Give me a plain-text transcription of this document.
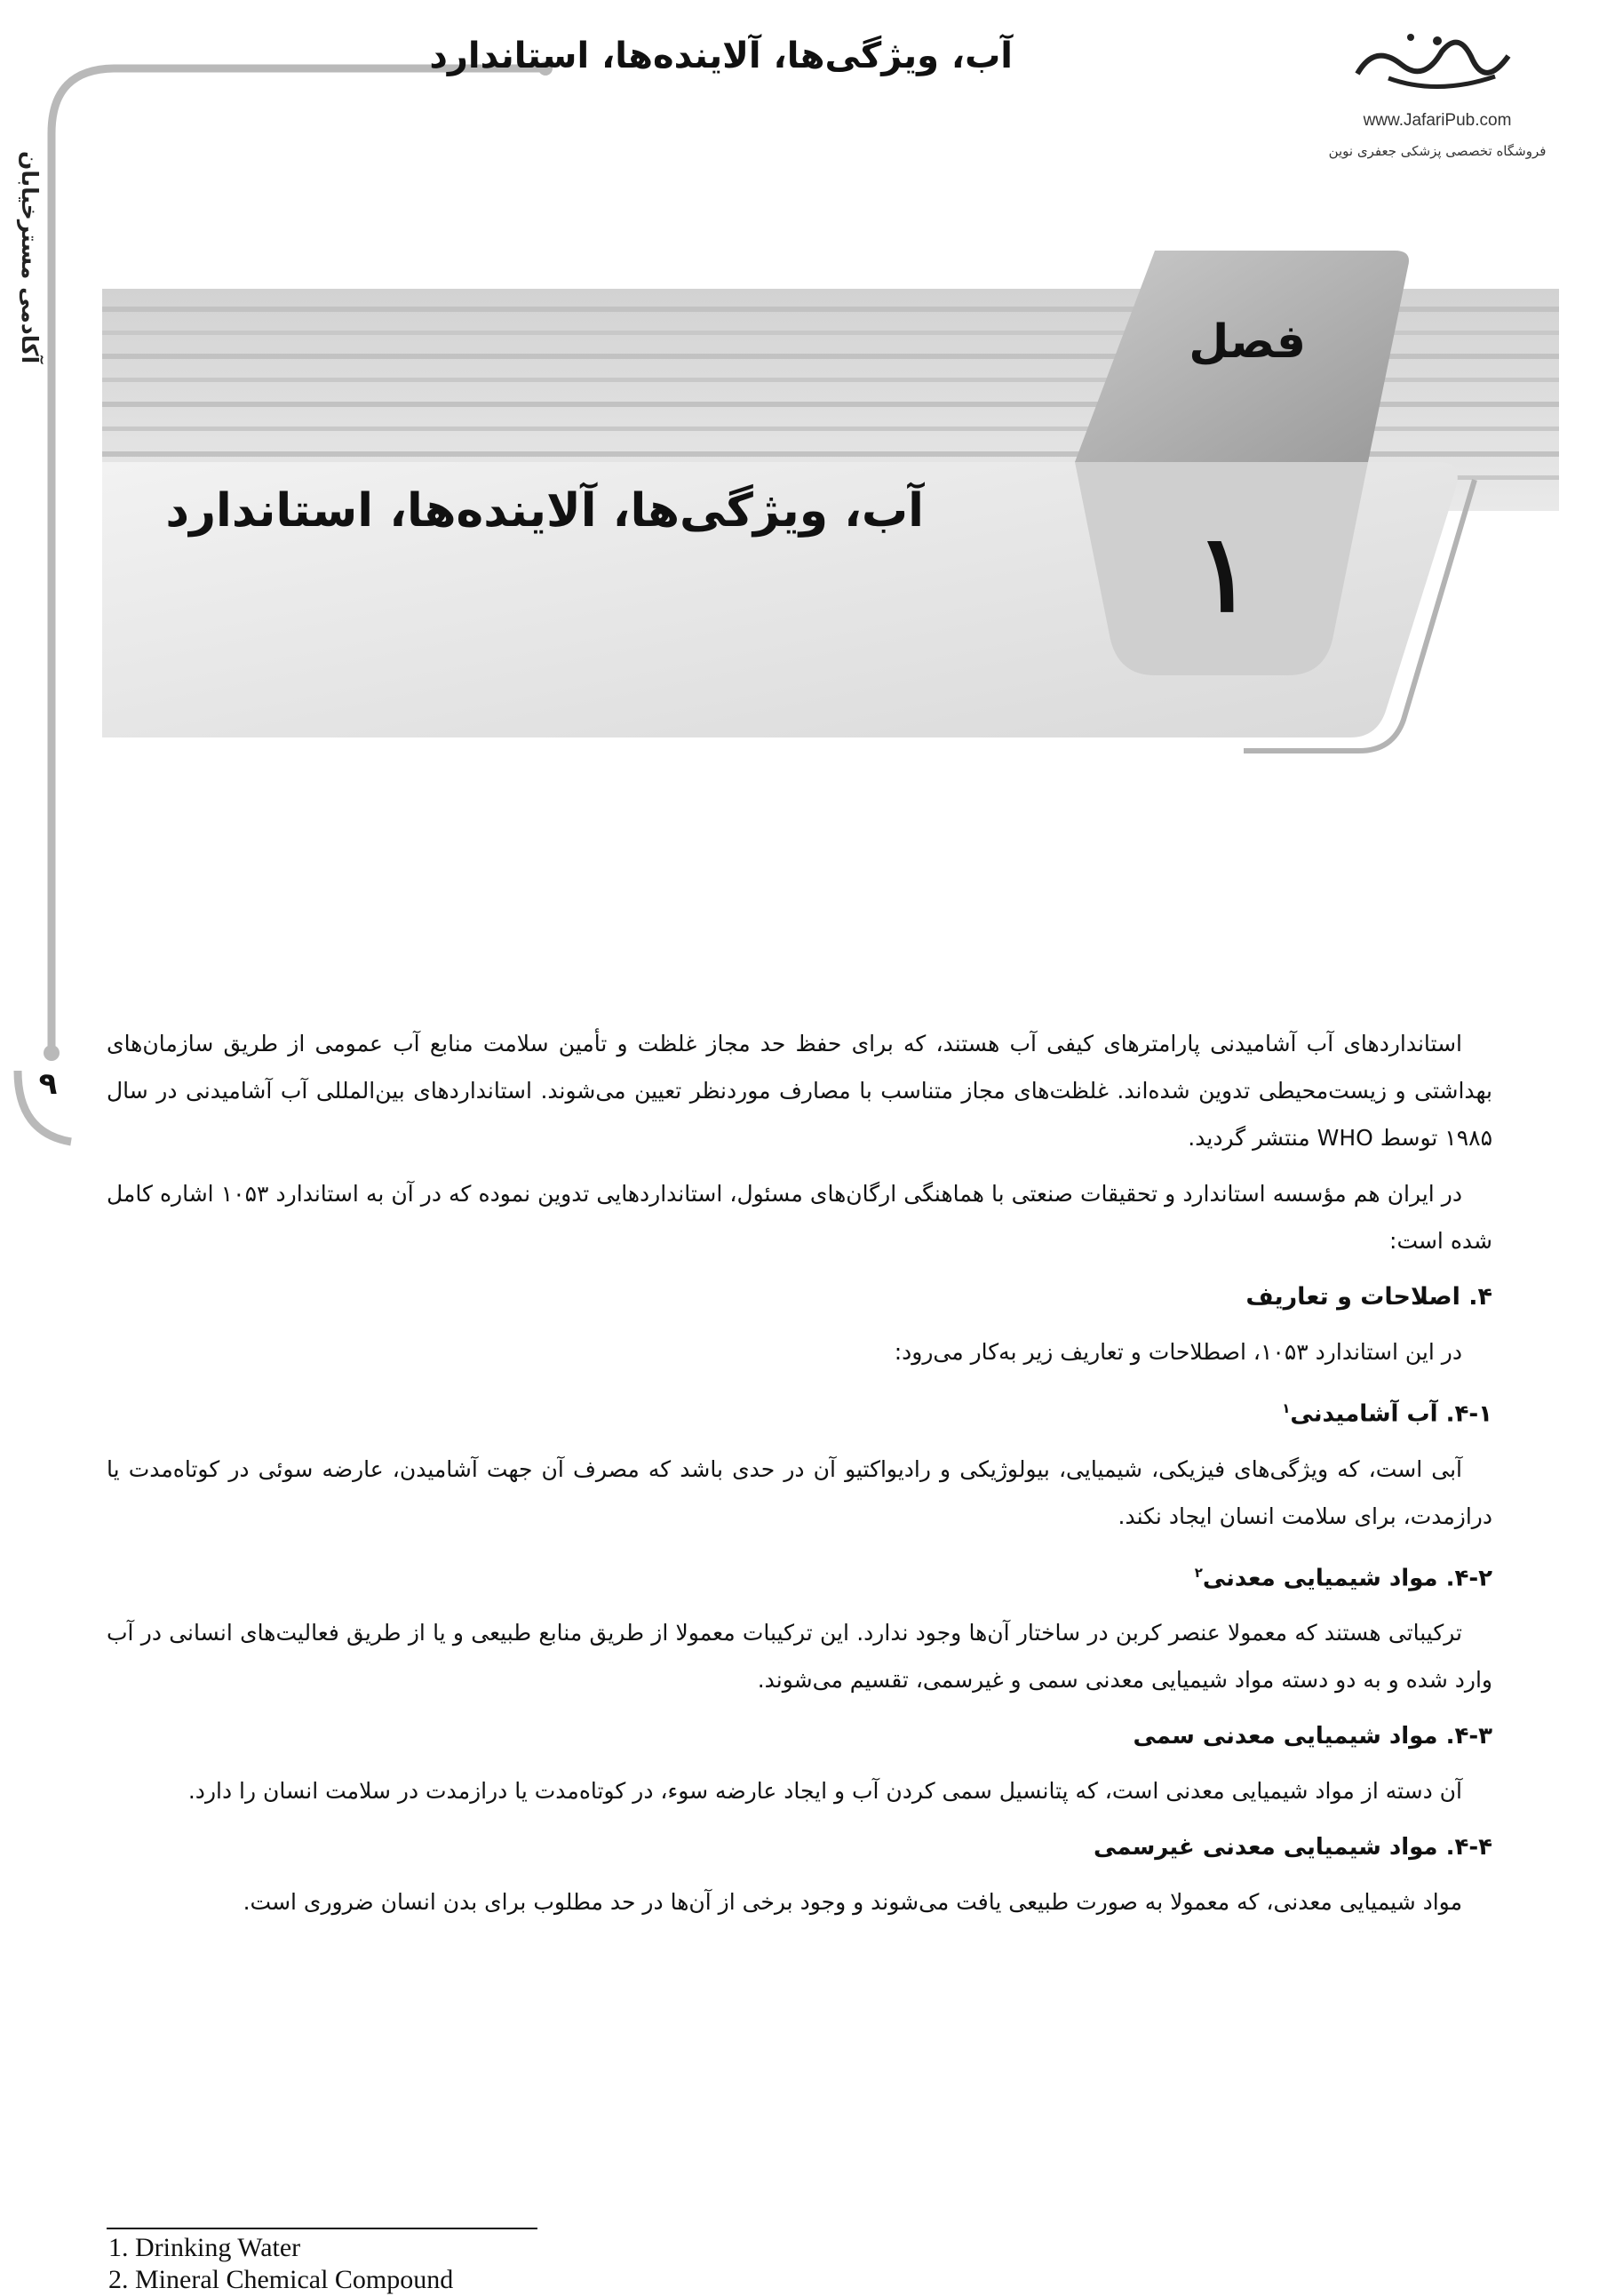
آب، ویژگی‌ها، آلاینده‌ها، استاندارد
www.JafariPub.com
فروشگاه تخصصی پزشکی جعفری نوین
آکادمی مسترخیابان
۹
فصل
۱
آب، ویژگی‌ها، آلاینده‌ها، استاندارد

استانداردهای آب آشامیدنی پارامترهای کیفی آب هستند، که برای حفظ حد مجاز غلظت و تأمین سلامت منابع آب عمومی از طریق سازمان‌های بهداشتی و زیست‌محیطی تدوین شده‌اند. غلظت‌های مجاز متناسب با مصارف موردنظر تعیین می‌شوند. استانداردهای بین‌المللی آب آشامیدنی در سال ۱۹۸۵ توسط WHO منتشر گردید.

در ایران هم مؤسسه استاندارد و تحقیقات صنعتی با هماهنگی ارگان‌های مسئول، استانداردهایی تدوین نموده که در آن به استاندارد ۱۰۵۳ اشاره کامل شده است:

۴. اصلاحات و تعاریف

در این استاندارد ۱۰۵۳، اصطلاحات و تعاریف زیر به‌کار می‌رود:

۴-۱. آب آشامیدنی$^۱$

آبی است، که ویژگی‌های فیزیکی، شیمیایی، بیولوژیکی و رادیواکتیو آن در حدی باشد که مصرف آن جهت آشامیدن، عارضه سوئی در کوتاه‌مدت یا درازمدت، برای سلامت انسان ایجاد نکند.

۴-۲. مواد شیمیایی معدنی$^۲$

ترکیباتی هستند که معمولا عنصر کربن در ساختار آن‌ها وجود ندارد. این ترکیبات معمولا از طریق منابع طبیعی و یا از طریق فعالیت‌های انسانی در آب وارد شده و به دو دسته مواد شیمیایی معدنی سمی و غیرسمی، تقسیم می‌شوند.

۴-۳. مواد شیمیایی معدنی سمی

آن دسته از مواد شیمیایی معدنی است، که پتانسیل سمی کردن آب و ایجاد عارضه سوء، در کوتاه‌مدت یا درازمدت در سلامت انسان را دارد.

۴-۴. مواد شیمیایی معدنی غیرسمی

مواد شیمیایی معدنی، که معمولا به صورت طبیعی یافت می‌شوند و وجود برخی از آن‌ها در حد مطلوب برای بدن انسان ضروری است.

1. Drinking Water
2. Mineral Chemical Compound
